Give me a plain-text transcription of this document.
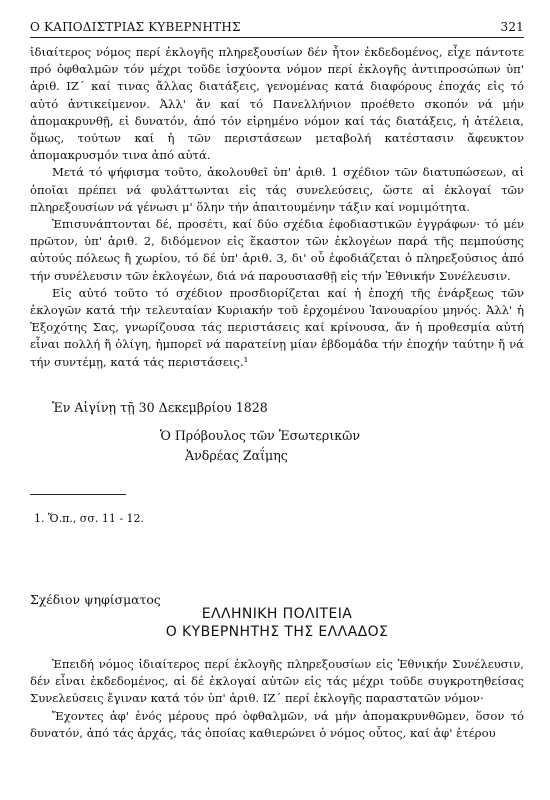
Ο ΚΑΠΟΔΙΣΤΡΙΑΣ ΚΥΒΕΡΝΗΤΗΣ	321

ἰδιαίτερος νόμος περί ἐκλογῆς πληρεξουσίων δέν ἦτον ἐκδεδομένος, εἶχε πάντοτε πρό ὀφθαλμῶν τόν μέχρι τοῦδε ἰσχύοντα νόμον περί ἐκλογῆς ἀντιπροσώπων ὑπ' ἀριθ. ΙΖ΄ καί τινας ἄλλας διατάξεις, γενομένας κατά διαφόρους ἐποχάς εἰς τό αὐτό ἀντικείμενον. Ἀλλ' ἄν καί τό Πανελλήνιον προέθετο σκοπόν νά μήν ἀπομακρυνθῇ, εἰ δυνατόν, ἀπό τόν εἰρημένο νόμον καί τάς διατάξεις, ἡ ἀτέλεια, ὅμως, τούτων καί ἡ τῶν περιστάσεων μεταβολή κατέστασιν ἄφευκτον ἀπομακρυσμόν τινα ἀπό αὐτά.

Μετά τό ψήφισμα τοῦτο, ἀκολουθεῖ ὑπ' ἀριθ. 1 σχέδιον τῶν διατυπώσεων, αἱ ὁποῖαι πρέπει νά φυλάττωνται εἰς τάς συνελεύσεις, ὥστε αἱ ἐκλογαί τῶν πληρεξουσίων νά γένωσι μ' ὅλην τήν ἀπαιτουμένην τάξιν καί νομιμότητα.

Ἐπισυνάπτονται δέ, προσέτι, καί δύο σχέδια ἐφοδιαστικῶν ἐγγράφων· τό μέν πρῶτον, ὑπ' ἀριθ. 2, διδόμενον εἰς ἕκαστον τῶν ἐκλογέων παρά τῆς πεμπούσης αὐτούς πόλεως ἤ χωρίου, τό δέ ὑπ' ἀριθ. 3, δι' οὗ ἐφοδιάζεται ὁ πληρεξούσιος ἀπό τήν συνέλευσιν τῶν ἐκλογέων, διά νά παρουσιασθῇ εἰς τήν Ἐθνικήν Συνέλευσιν.

Εἰς αὐτό τοῦτο τό σχέδιον προσδιορίζεται καί ἡ ἐποχή τῆς ἐνάρξεως τῶν ἐκλογῶν κατά τήν τελευταίαν Κυριακήν τοῦ ἐρχομένου Ἰανουαρίου μηνός. Ἀλλ' ἡ Ἐξοχότης Σας, γνωρίζουσα τάς περιστάσεις καί κρίνουσα, ἄν ἡ προθεσμία αὐτή εἶναι πολλή ἤ ὀλίγη, ἠμπορεῖ νά παρατείνῃ μίαν ἑβδομάδα τήν ἐποχήν ταύτην ἤ νά τήν συντέμῃ, κατά τάς περιστάσεις.¹

Ἐν Αἰγίνῃ τῇ 30 Δεκεμβρίου 1828
Ὁ Πρόβουλος τῶν Ἐσωτερικῶν
Ἀνδρέας Ζαΐμης
1. Ὅ.π., σσ. 11 - 12.
Σχέδιον ψηφίσματος
ΕΛΛΗΝΙΚΗ ΠΟΛΙΤΕΙΑ
Ο ΚΥΒΕΡΝΗΤΗΣ ΤΗΣ ΕΛΛΑΔΟΣ

Ἐπειδή νόμος ἰδιαίτερος περί ἐκλογῆς πληρεξουσίων εἰς Ἐθνικήν Συνέλευσιν, δέν εἶναι ἐκδεδομένος, αἱ δέ ἐκλογαί αὐτῶν εἰς τάς μέχρι τοῦδε συγκροτηθείσας Συνελεύσεις ἔγιναν κατά τόν ὑπ' ἀριθ. ΙΖ΄ περί ἐκλογῆς παραστατῶν νόμον·

Ἔχοντες ἀφ' ἑνός μέρους πρό ὀφθαλμῶν, νά μήν ἀπομακρυνθῶμεν, ὅσον τό δυνατόν, ἀπό τάς ἀρχάς, τάς ὁποίας καθιερώνει ὁ νόμος οὗτος, καί ἀφ' ἑτέρου
